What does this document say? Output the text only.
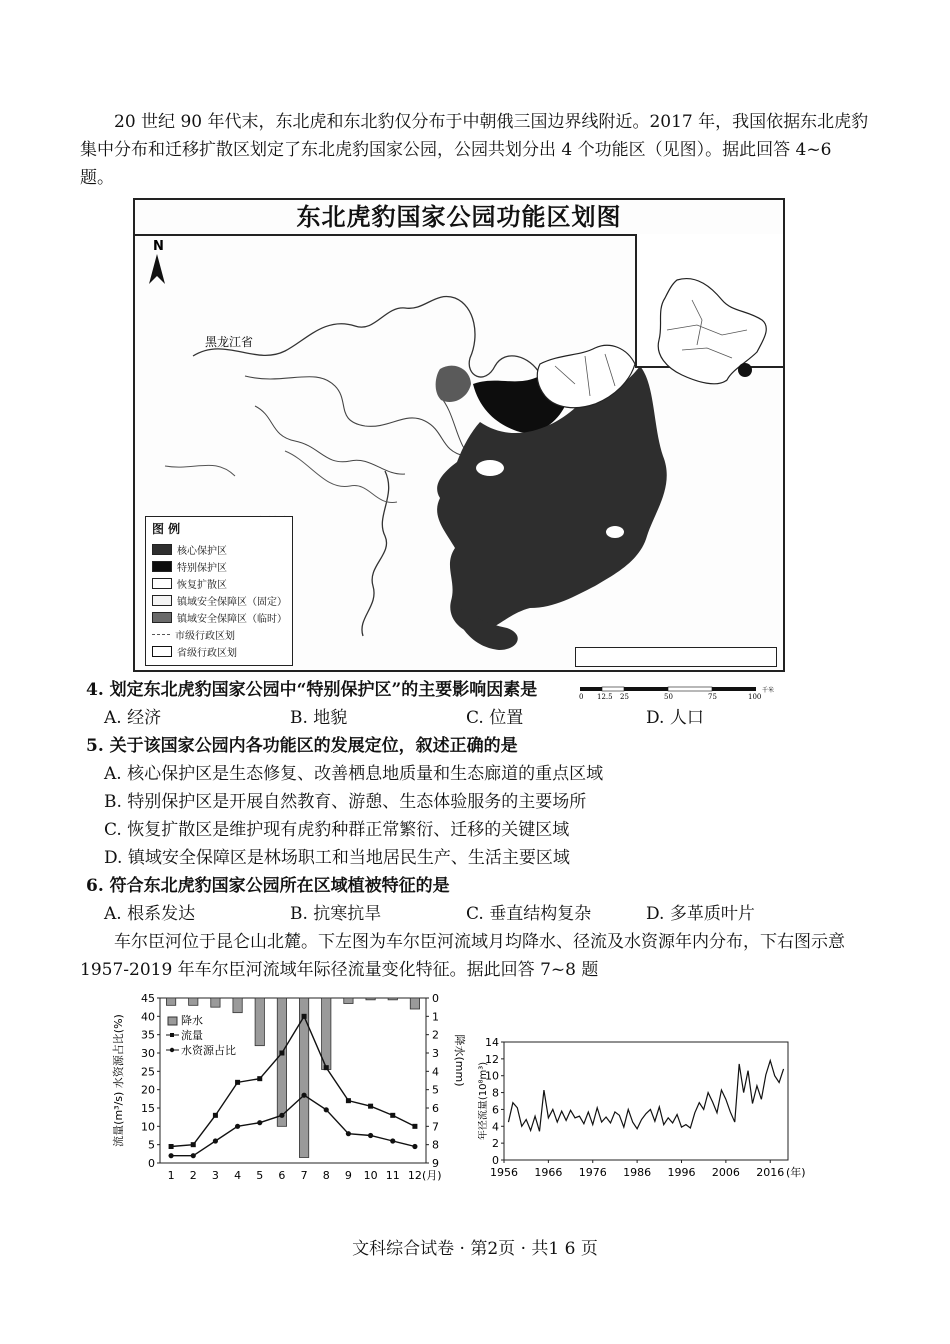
20 世纪 90 年代末，东北虎和东北豹仅分布于中朝俄三国边界线附近。2017 年，我国依据东北虎豹集中分布和迁移扩散区划定了东北虎豹国家公园，公园共划分出 4 个功能区（见图）。据此回答 4~6 题。
东北虎豹国家公园功能区划图
N
黑龙江省
图 例
核心保护区
特别保护区
恢复扩散区
镇域安全保障区（固定）
镇域安全保障区（临时）
市级行政区划
省级行政区划
0 12.5 25	50	75	100
千米
4. 划定东北虎豹国家公园中“特别保护区”的主要影响因素是
A. 经济	B. 地貌	C. 位置	D. 人口
5. 关于该国家公园内各功能区的发展定位，叙述正确的是
A. 核心保护区是生态修复、改善栖息地质量和生态廊道的重点区域
B. 特别保护区是开展自然教育、游憩、生态体验服务的主要场所
C. 恢复扩散区是维护现有虎豹种群正常繁衍、迁移的关键区域
D. 镇域安全保障区是林场职工和当地居民生产、生活主要区域
6. 符合东北虎豹国家公园所在区域植被特征的是
A. 根系发达	B. 抗寒抗旱	C. 垂直结构复杂	D. 多革质叶片
车尔臣河位于昆仑山北麓。下左图为车尔臣河流域月均降水、径流及水资源年内分布，下右图示意 1957-2019 年车尔臣河流域年际径流量变化特征。据此回答 7~8 题
0
5
10
15
20
25
30
35
40
45	0
1
2
3
4
5
6
7
8
9
1 2 3 4 5 6 7 8 9 10 11 12 (月)
流量(m³/s) 水资源占比(%)	降水(mm)
降水
流量
水资源占比
0
2
4
6
8
10
12
14
1956 1966 1976 1986 1996 2006 2016 (年)
年径流量(10⁸m³)
文科综合试卷 · 第2页 · 共1 6 页
